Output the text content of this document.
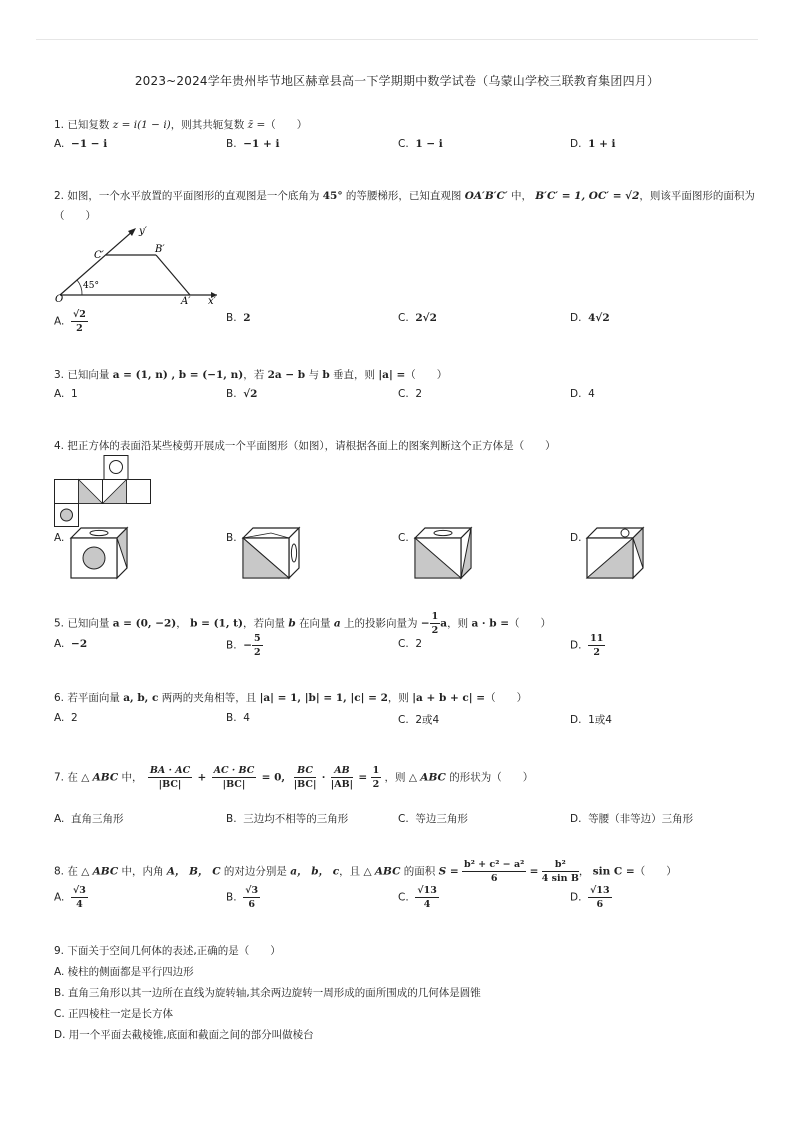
2023~2024学年贵州毕节地区赫章县高一下学期期中数学试卷（乌蒙山学校三联教育集团四月）
1. 已知复数 z = i(1 − i)，则其共轭复数 z̄ =（　　）
A. −1 − i	B. −1 + i	C. 1 − i	D. 1 + i
2. 如图，一个水平放置的平面图形的直观图是一个底角为 45° 的等腰梯形，已知直观图 OA′B′C′ 中， B′C′ = 1, OC′ = √2，则该平面图形的面积为
（　　）
y′
C′
B′
O
45°
A′ x′
A. $\frac{√2}{2}$	B. 2	C. 2√2	D. 4√2
3. 已知向量 a = (1, n) , b = (−1, n)，若 2a − b 与 b 垂直，则 |a| =（　　）
A. 1	B. √2	C. 2	D. 4
4. 把正方体的表面沿某些棱剪开展成一个平面图形（如图），请根据各面上的图案判断这个正方体是（　　）
A.	B.	C.	D.
5. 已知向量 a = (0, −2)， b = (1, t)，若向量 b 在向量 a 上的投影向量为 − $\frac{1}{2}$ a，则 a · b =（　　）
A. −2	B. − $\frac{5}{2}$	C. 2	D. $\frac{11}{2}$
6. 若平面向量 a, b, c 两两的夹角相等，且 |a| = 1, |b| = 1, |c| = 2，则 |a + b + c| =（　　）
A. 2	B. 4	C. 2或4	D. 1或4
7. 在 △ ABC 中， $\frac{BA \cdot AC}{|BC|} + \frac{AC \cdot BC}{|BC|} = 0$, $\frac{BC}{|BC|} \cdot \frac{AB}{|AB|} = \frac{1}{2}$ ，则 △ ABC 的形状为（　　）
A. 直角三角形	B. 三边均不相等的三角形	C. 等边三角形	D. 等腰（非等边）三角形
8. 在 △ ABC 中，内角 A， B， C 的对边分别是 a， b， c，且 △ ABC 的面积 $S = \frac{\text{b² + c² − a²}}{6} = \frac{\text{b²}}{\text{4 sin B}}$ ， sin C =（　　）
A. $\frac{√3}{4}$	B. $\frac{√3}{6}$	C. $\frac{√13}{4}$	D. $\frac{√13}{6}$
9. 下面关于空间几何体的表述,正确的是（　　）
A. 棱柱的侧面都是平行四边形
B. 直角三角形以其一边所在直线为旋转轴,其余两边旋转一周形成的面所围成的几何体是圆锥
C. 正四棱柱一定是长方体
D. 用一个平面去截棱锥,底面和截面之间的部分叫做棱台
